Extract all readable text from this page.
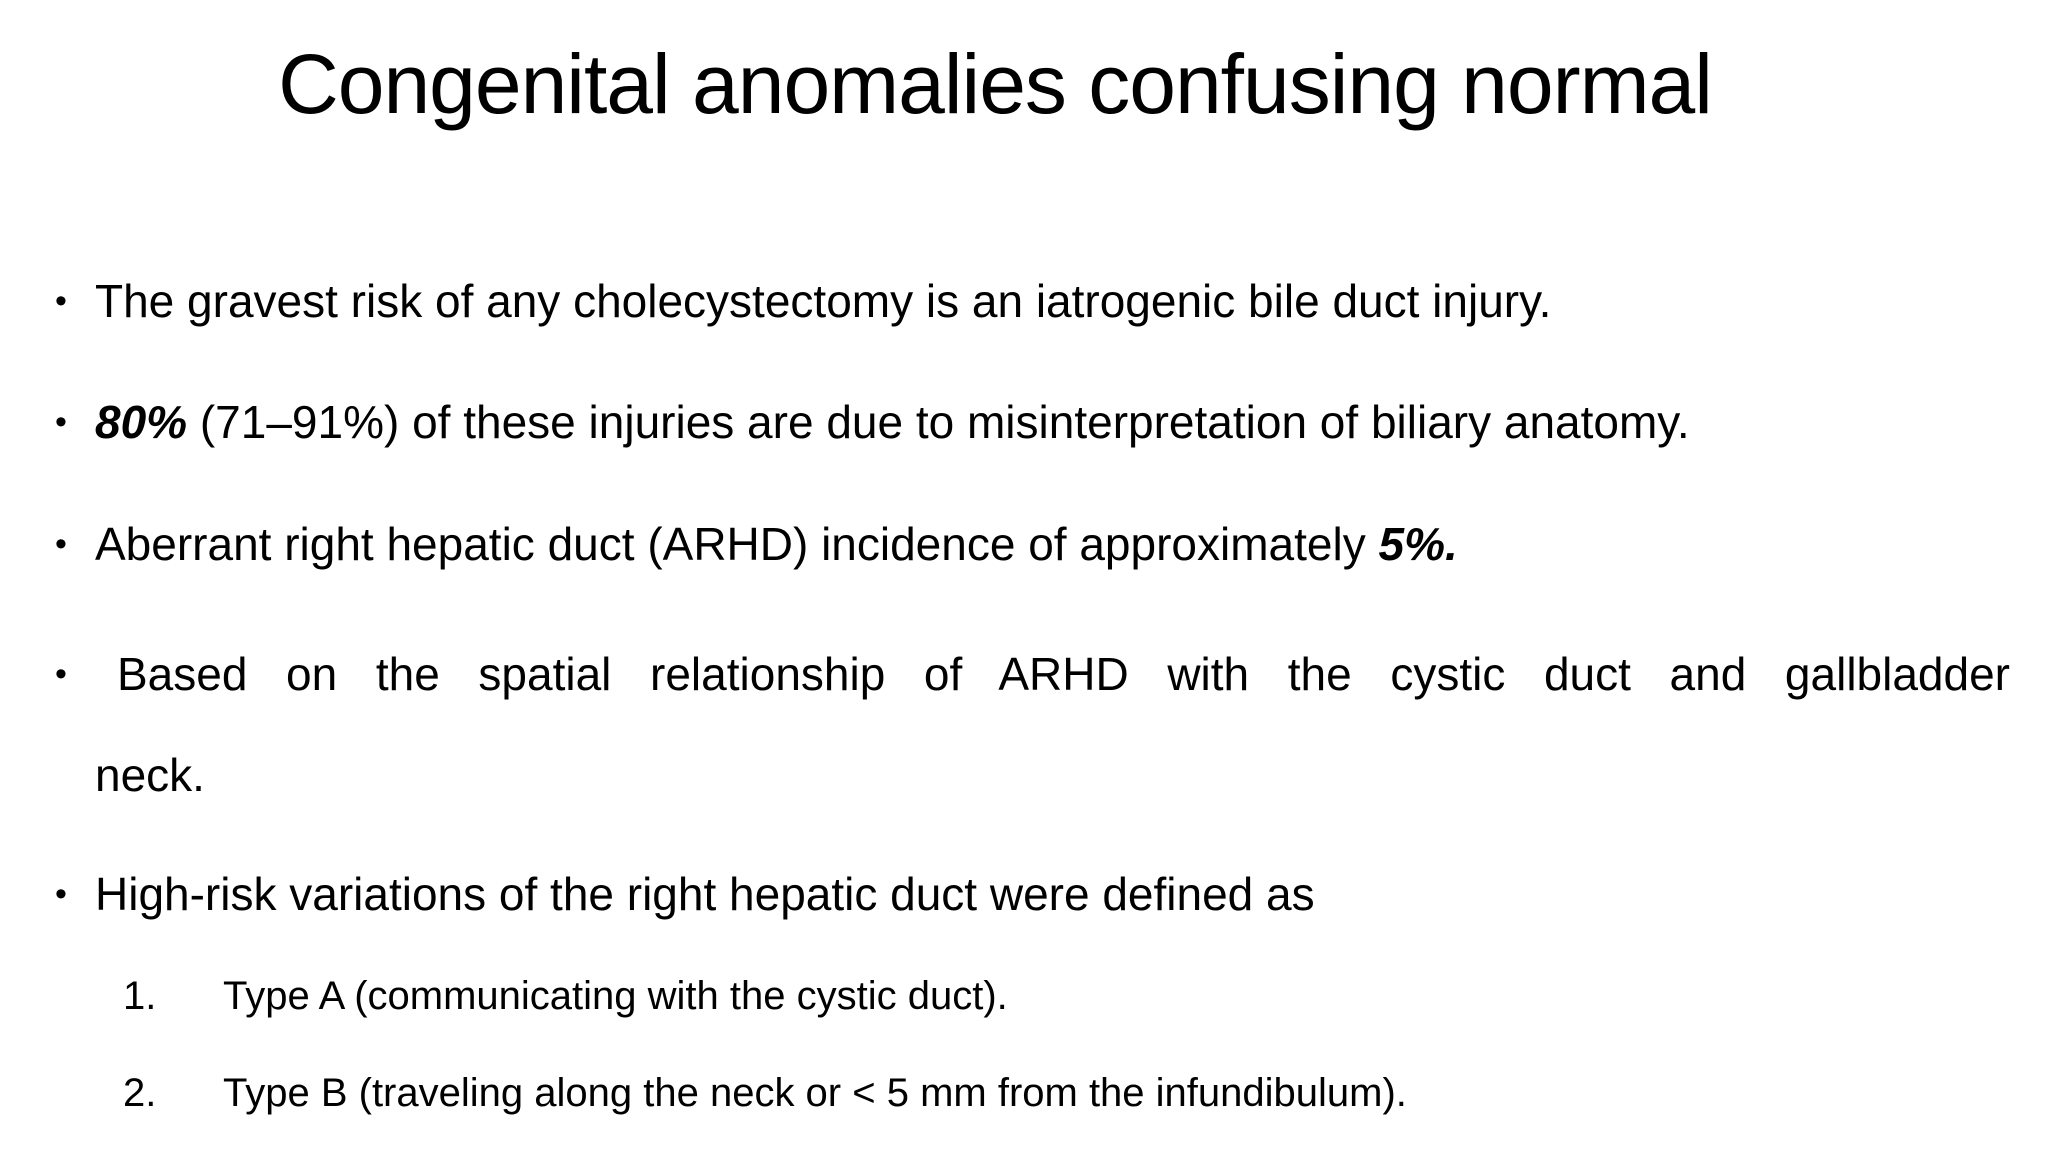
Congenital anomalies confusing normal
• The gravest risk of any cholecystectomy is an iatrogenic bile duct injury.
• 80% (71–91%) of these injuries are due to misinterpretation of biliary anatomy.
• Aberrant right hepatic duct (ARHD) incidence of approximately 5%.
•	Based on the spatial relationship of ARHD with the cystic duct and gallbladder
neck.
• High-risk variations of the right hepatic duct were defined as
1.	Type A (communicating with the cystic duct).
2.	Type B (traveling along the neck or < 5 mm from the infundibulum).
